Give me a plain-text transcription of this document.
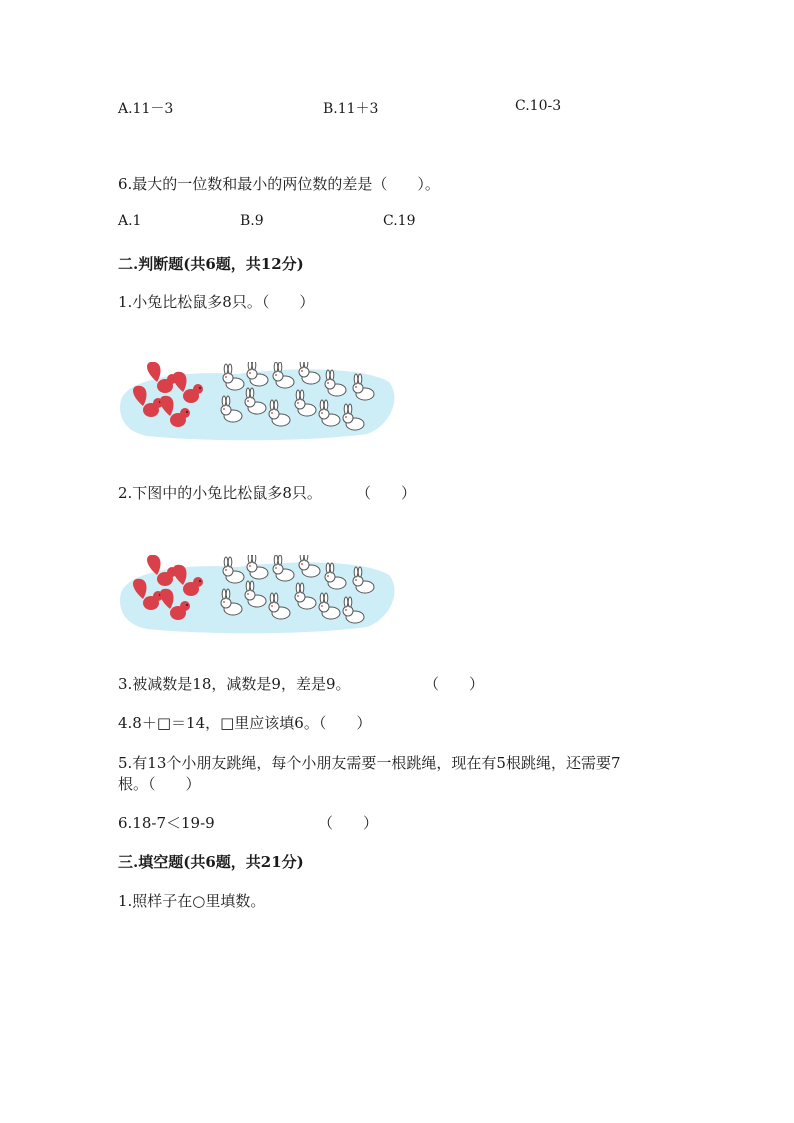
A.11－3	B.11＋3	C.10-3
6.最大的一位数和最小的两位数的差是（　　）。
A.1	B.9	C.19
二.判断题(共6题，共12分)
1.小兔比松鼠多8只。（　　）
2.下图中的小兔比松鼠多8只。 （　　）
3.被减数是18，减数是9，差是9。	（　　）
4.8＋□＝14，□里应该填6。（　　）
5.有13个小朋友跳绳，每个小朋友需要一根跳绳，现在有5根跳绳，还需要7
根。（　　）
6.18-7＜19-9	（　　）
三.填空题(共6题，共21分)
1.照样子在○里填数。
